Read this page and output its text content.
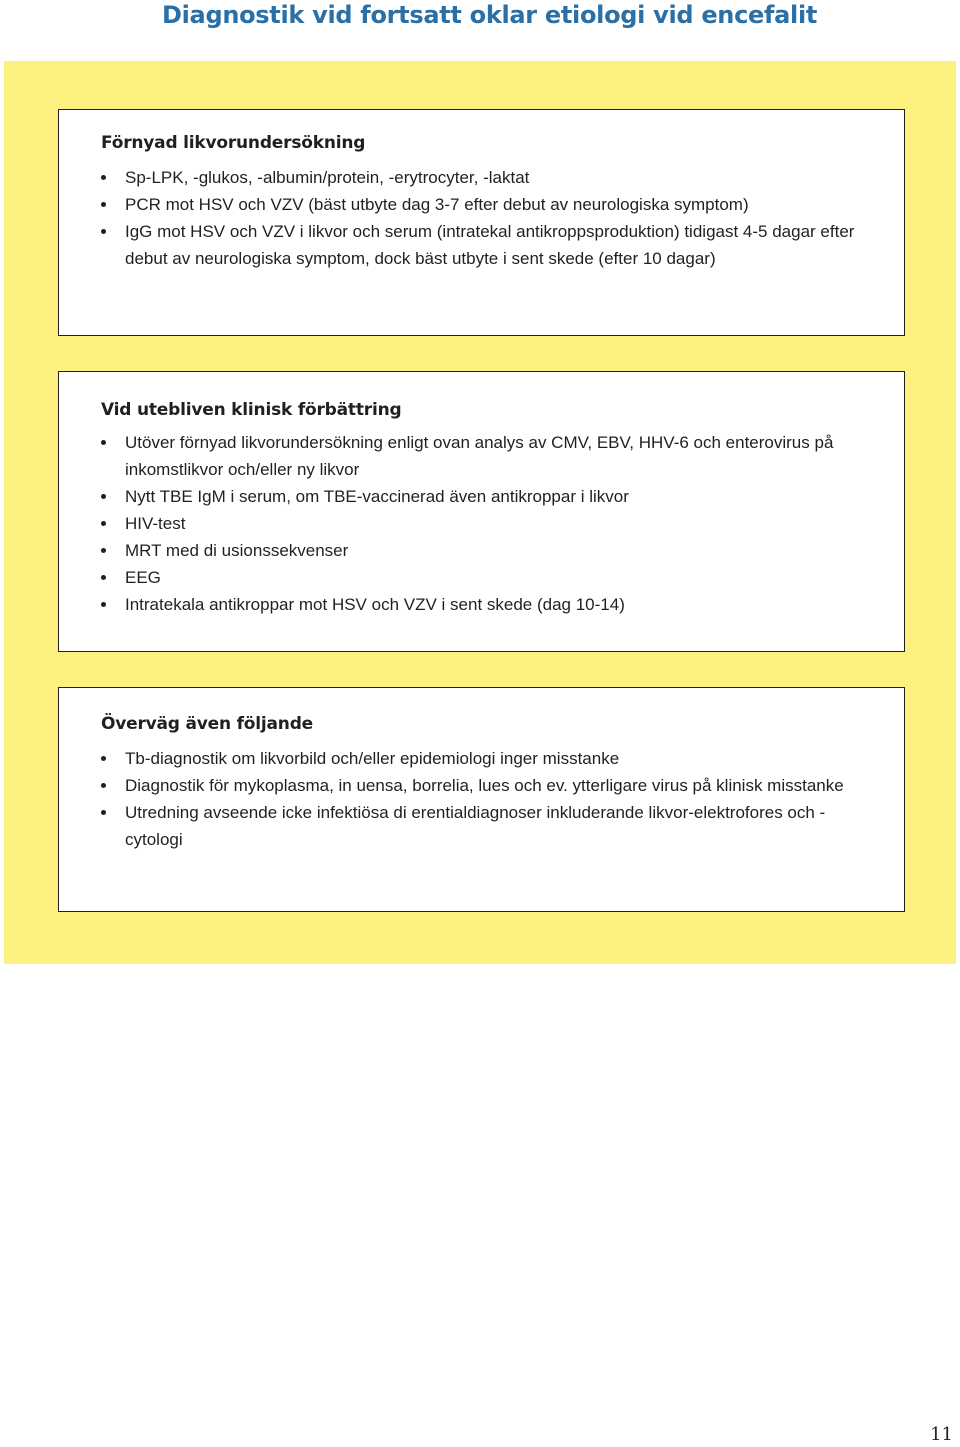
Diagnostik vid fortsatt oklar etiologi vid encefalit
Förnyad likvorundersökning
Sp-LPK, -glukos, -albumin/protein, -erytrocyter, -laktat
PCR mot HSV och VZV (bäst utbyte dag 3-7 efter debut av neurologiska symptom)
IgG mot HSV och VZV i likvor och serum (intratekal antikroppsproduktion) tidigast 4-5 dagar efter debut av neurologiska symptom, dock bäst utbyte i sent skede (efter 10 dagar)
Vid utebliven klinisk förbättring
Utöver förnyad likvorundersökning enligt ovan analys av CMV, EBV, HHV-6 och enterovirus på inkomstlikvor och/eller ny likvor
Nytt TBE IgM i serum, om TBE-vaccinerad även antikroppar i likvor
HIV-test
MRT med di usionssekvenser
EEG
Intratekala antikroppar mot HSV och VZV i sent skede (dag 10-14)
Överväg även följande
Tb-diagnostik om likvorbild och/eller epidemiologi inger misstanke
Diagnostik för mykoplasma, in uensa, borrelia, lues och ev. ytterligare virus på klinisk misstanke
Utredning avseende icke infektiösa di erentialdiagnoser inkluderande likvor-elektrofores och -cytologi
11
